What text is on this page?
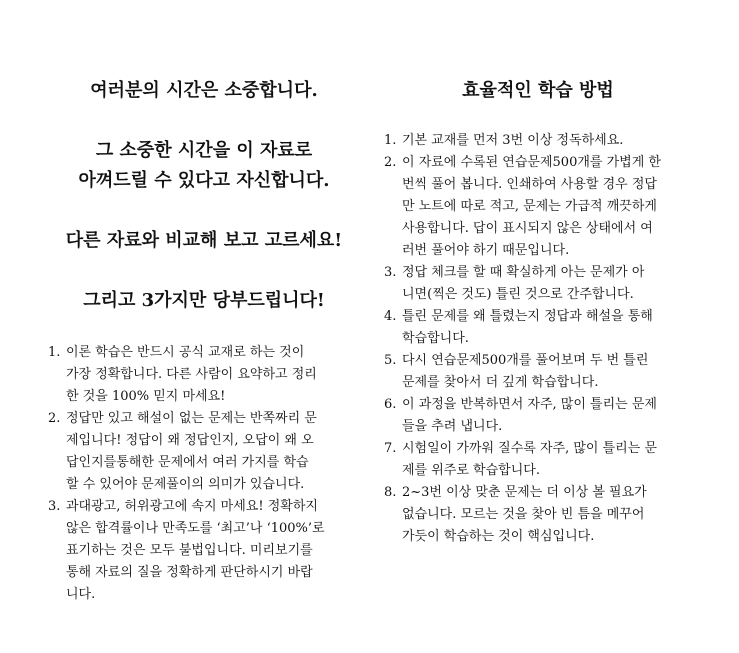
여러분의 시간은 소중합니다.

그 소중한 시간을 이 자료로
아껴드릴 수 있다고 자신합니다.

다른 자료와 비교해 보고 고르세요!

그리고 3가지만 당부드립니다!

1. 이론 학습은 반드시 공식 교재로 하는 것이
가장 정확합니다. 다른 사람이 요약하고 정리
한 것을 100% 믿지 마세요!
2. 정답만 있고 해설이 없는 문제는 반쪽짜리 문
제입니다! 정답이 왜 정답인지, 오답이 왜 오
답인지를통해한 문제에서 여러 가지를 학습
할 수 있어야 문제풀이의 의미가 있습니다.
3. 과대광고, 허위광고에 속지 마세요! 정확하지
않은 합격률이나 만족도를 ‘최고’나 ‘100%’로
표기하는 것은 모두 불법입니다. 미리보기를
통해 자료의 질을 정확하게 판단하시기 바랍
니다.

효율적인 학습 방법

1. 기본 교재를 먼저 3번 이상 정독하세요.
2. 이 자료에 수록된 연습문제500개를 가볍게 한
번씩 풀어 봅니다. 인쇄하여 사용할 경우 정답
만 노트에 따로 적고, 문제는 가급적 깨끗하게
사용합니다. 답이 표시되지 않은 상태에서 여
러번 풀어야 하기 때문입니다.
3. 정답 체크를 할 때 확실하게 아는 문제가 아
니면(찍은 것도) 틀린 것으로 간주합니다.
4. 틀린 문제를 왜 틀렸는지 정답과 해설을 통해
학습합니다.
5. 다시 연습문제500개를 풀어보며 두 번 틀린
문제를 찾아서 더 깊게 학습합니다.
6. 이 과정을 반복하면서 자주, 많이 틀리는 문제
들을 추려 냅니다.
7. 시험일이 가까워 질수록 자주, 많이 틀리는 문
제를 위주로 학습합니다.
8. 2~3번 이상 맞춘 문제는 더 이상 볼 필요가
없습니다. 모르는 것을 찾아 빈 틈을 메꾸어
가듯이 학습하는 것이 핵심입니다.
